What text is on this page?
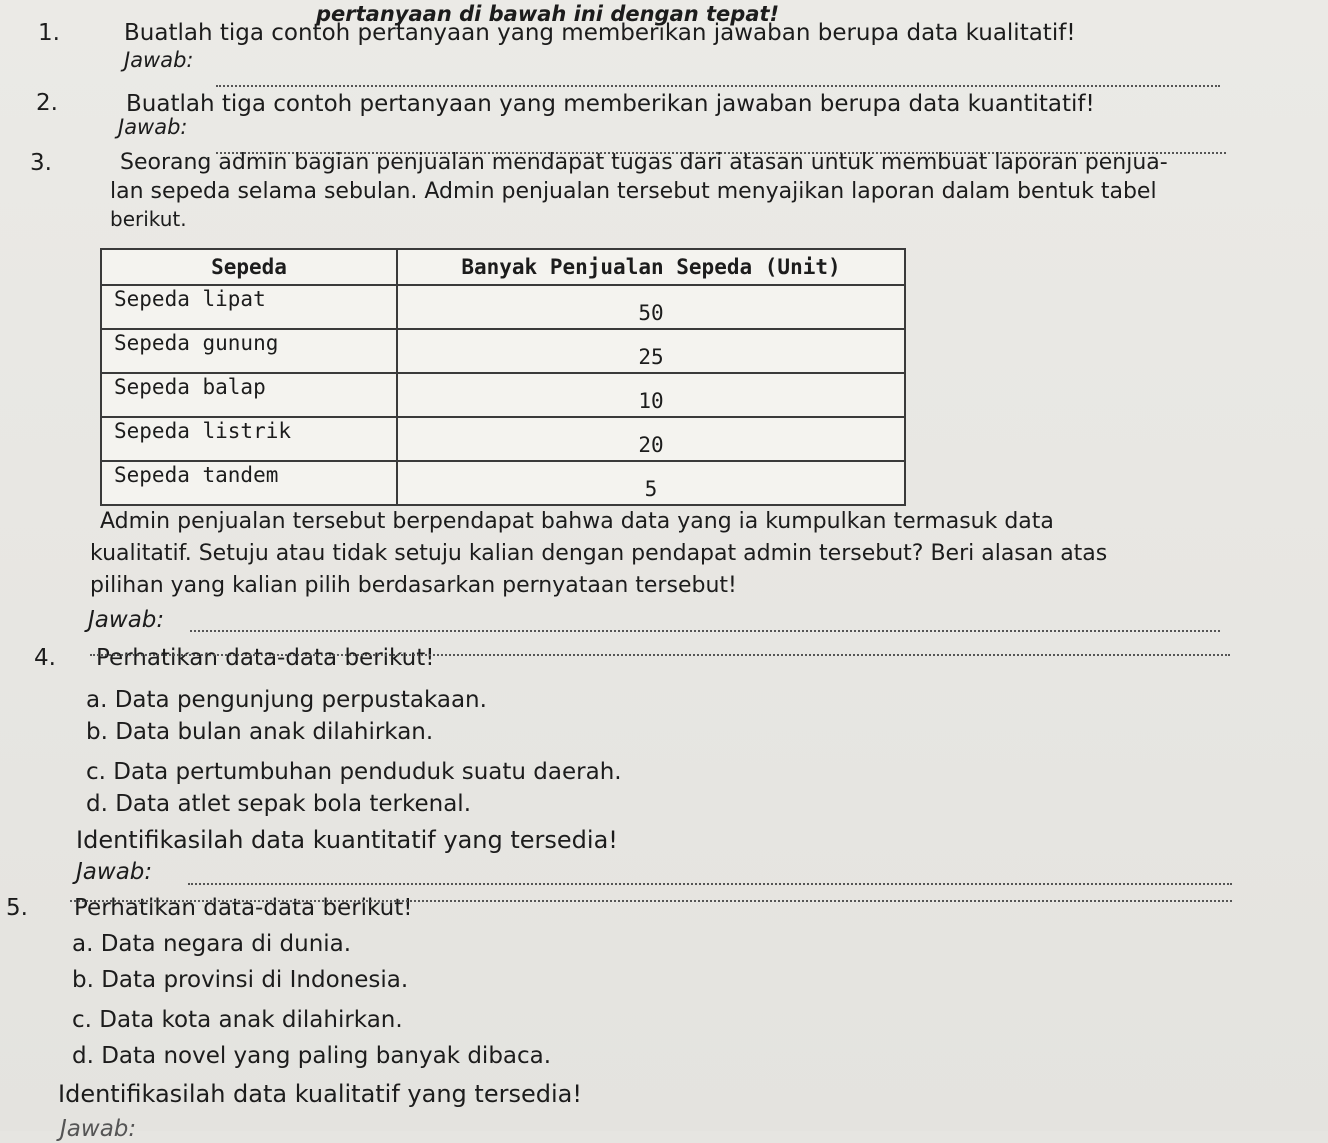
pertanyaan di bawah ini dengan tepat!
1.	Buatlah tiga contoh pertanyaan yang memberikan jawaban berupa data kualitatif!
Jawab:
2.	Buatlah tiga contoh pertanyaan yang memberikan jawaban berupa data kuantitatif!
Jawab:
3.	Seorang admin bagian penjualan mendapat tugas dari atasan untuk membuat laporan penjua-
lan sepeda selama sebulan. Admin penjualan tersebut menyajikan laporan dalam bentuk tabel
berikut.
Sepeda	Banyak Penjualan Sepeda (Unit)
Sepeda lipat	50
Sepeda gunung	25
Sepeda balap	10
Sepeda listrik	20
Sepeda tandem	5
Admin penjualan tersebut berpendapat bahwa data yang ia kumpulkan termasuk data
kualitatif. Setuju atau tidak setuju kalian dengan pendapat admin tersebut? Beri alasan atas
pilihan yang kalian pilih berdasarkan pernyataan tersebut!
Jawab:
4. Perhatikan data-data berikut!
a. Data pengunjung perpustakaan.
b. Data bulan anak dilahirkan.
c. Data pertumbuhan penduduk suatu daerah.
d. Data atlet sepak bola terkenal.
Identifikasilah data kuantitatif yang tersedia!
Jawab:
5. Perhatikan data-data berikut!
a. Data negara di dunia.
b. Data provinsi di Indonesia.
c. Data kota anak dilahirkan.
d. Data novel yang paling banyak dibaca.
Identifikasilah data kualitatif yang tersedia!
Jawab:
